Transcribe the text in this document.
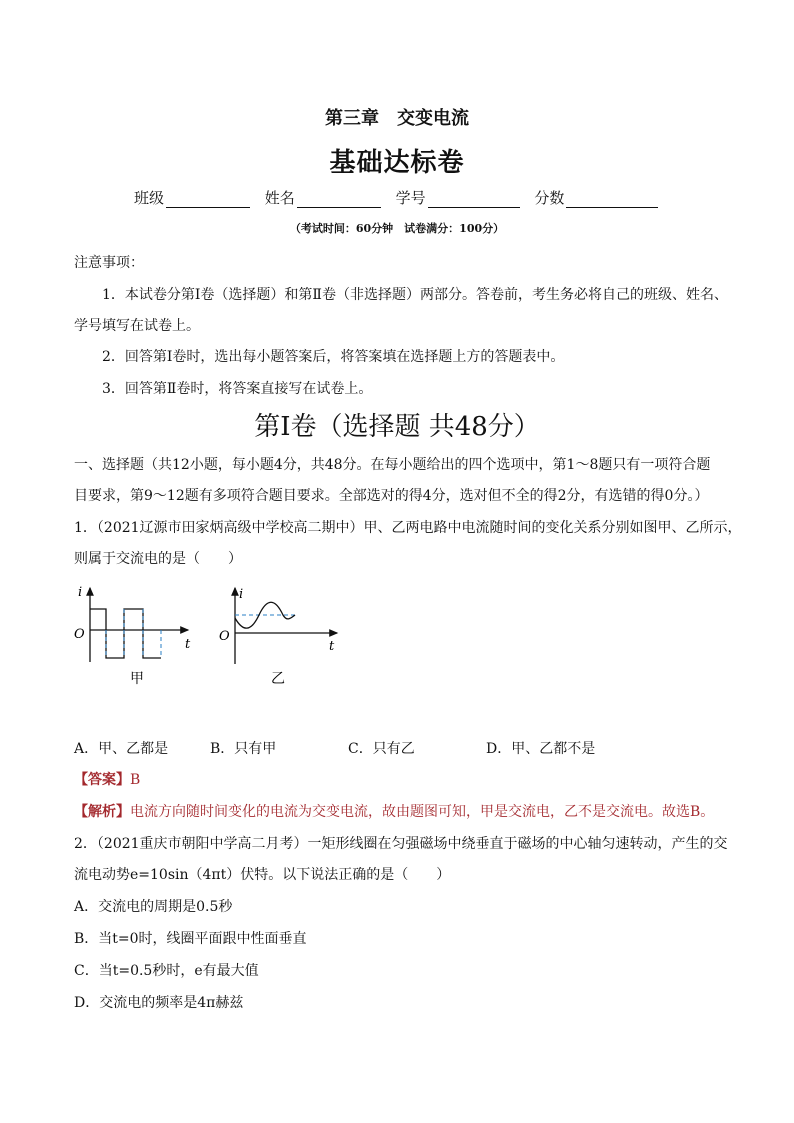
第三章　交变电流
基础达标卷
班级	姓名	学号	分数
（考试时间：60分钟　试卷满分：100分）
注意事项：
1．本试卷分第Ⅰ卷（选择题）和第Ⅱ卷（非选择题）两部分。答卷前，考生务必将自己的班级、姓名、
学号填写在试卷上。
2．回答第Ⅰ卷时，选出每小题答案后，将答案填在选择题上方的答题表中。
3．回答第Ⅱ卷时，将答案直接写在试卷上。
第Ⅰ卷（选择题 共48分）
一、选择题（共12小题，每小题4分，共48分。在每小题给出的四个选项中，第1～8题只有一项符合题
目要求，第9～12题有多项符合题目要求。全部选对的得4分，选对但不全的得2分，有选错的得0分。）
1．（2021辽源市田家炳高级中学校高二期中）甲、乙两电路中电流随时间的变化关系分别如图甲、乙所示，
则属于交流电的是（　　）
i
t
O
甲
i
t
O
乙
A．甲、乙都是	B．只有甲	C．只有乙	D．甲、乙都不是
【答案】B
【解析】电流方向随时间变化的电流为交变电流，故由题图可知，甲是交流电，乙不是交流电。故选B。
2．（2021重庆市朝阳中学高二月考）一矩形线圈在匀强磁场中绕垂直于磁场的中心轴匀速转动，产生的交
流电动势e=10sin（4πt）伏特。以下说法正确的是（　　）
A．交流电的周期是0.5秒
B．当t=0时，线圈平面跟中性面垂直
C．当t=0.5秒时，e有最大值
D．交流电的频率是4π赫兹
